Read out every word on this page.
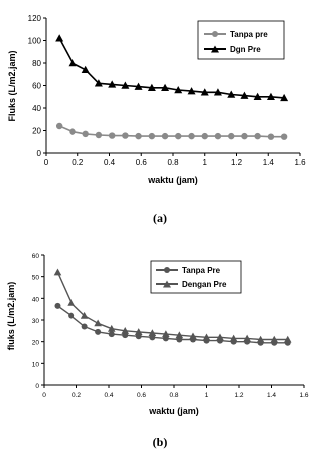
Fluks (L/m2.jam)
0
20
40
60
80
100
120
0	0.2	0.4	0.6	0.8	1	1.2	1.4	1.6
waktu (jam)
Tanpa pre
Dgn Pre
(a)
fluks (L/m2.jam)
0
10
20
30
40
50
60
0	0.2	0.4	0.6	0.8	1	1.2	1.4	1.6
waktu (jam)
Tanpa Pre
Dengan Pre
(b)
